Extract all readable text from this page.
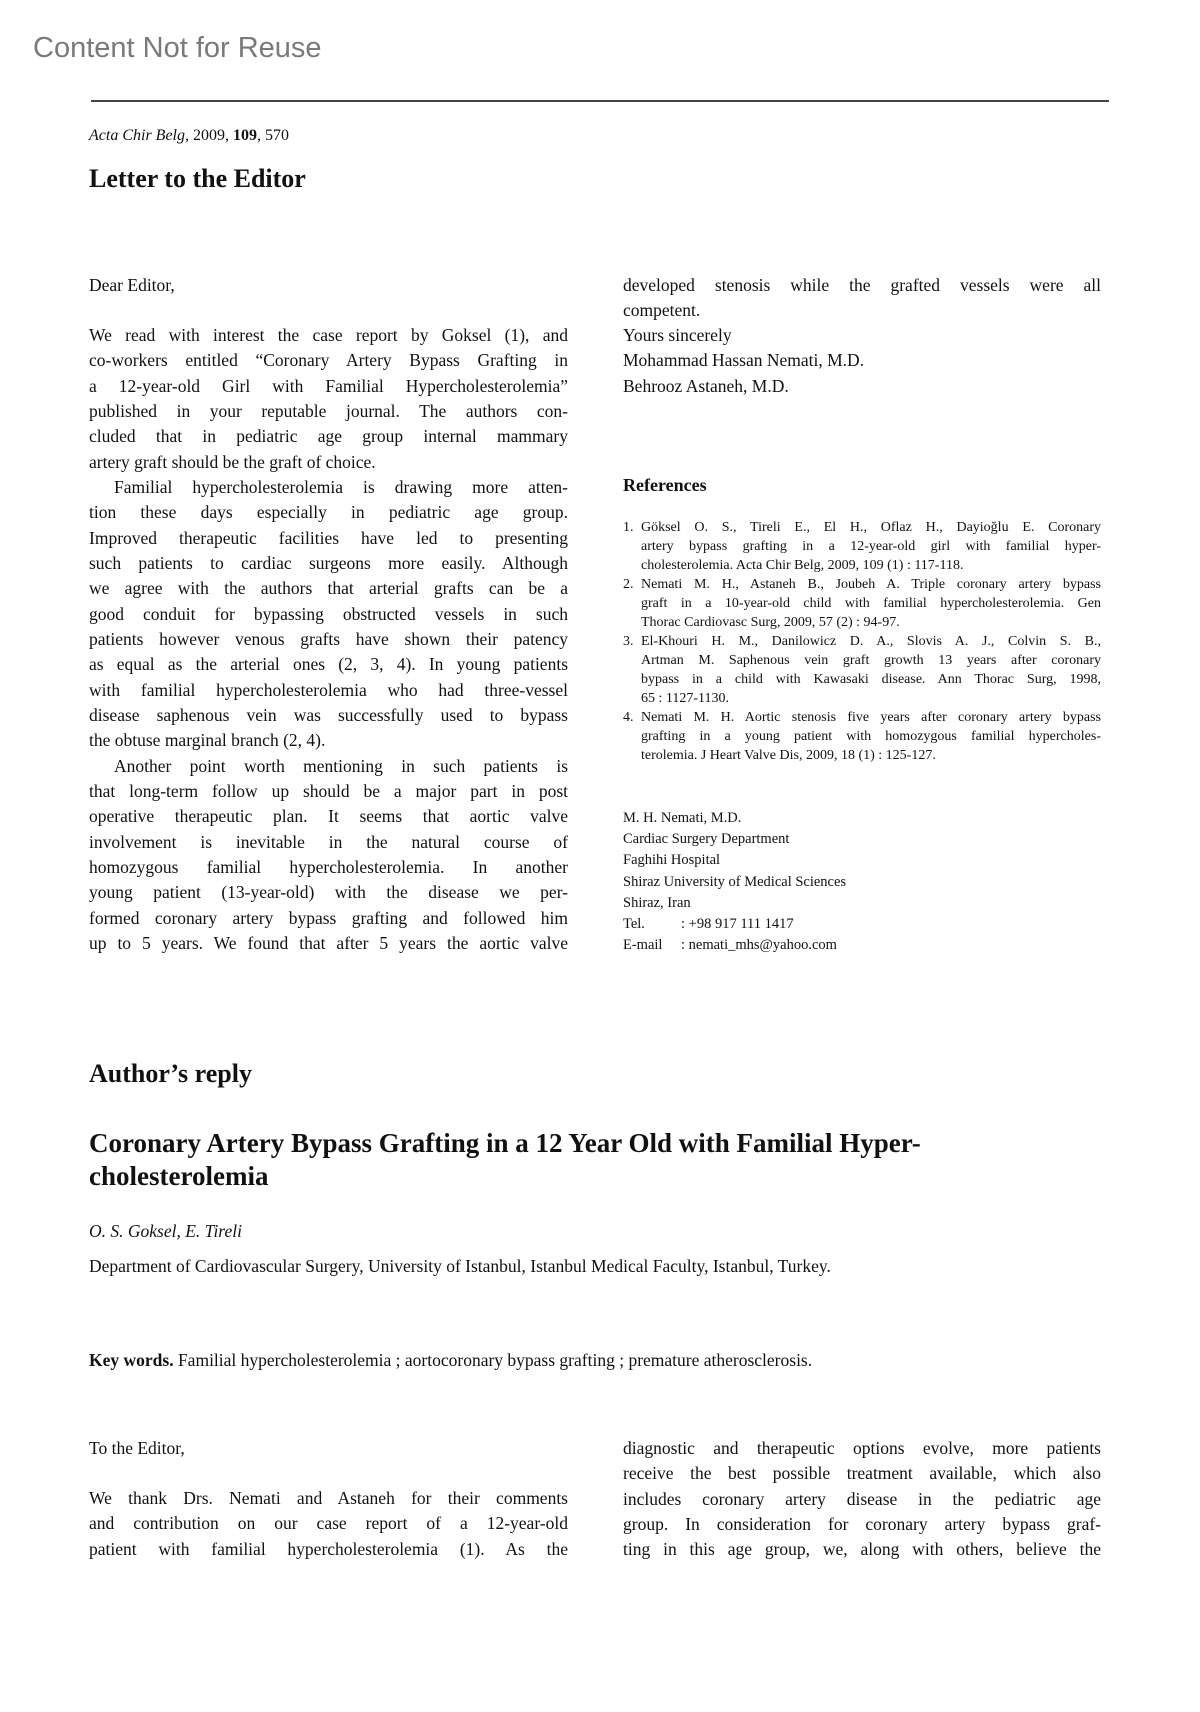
Content Not for Reuse
Acta Chir Belg, 2009, 109, 570
Letter to the Editor
Dear Editor,
We read with interest the case report by Goksel (1), and
co-workers entitled “Coronary Artery Bypass Grafting in
a 12-year-old Girl with Familial Hypercholesterolemia”
published in your reputable journal. The authors con-
cluded that in pediatric age group internal mammary
artery graft should be the graft of choice.
Familial hypercholesterolemia is drawing more atten-
tion these days especially in pediatric age group.
Improved therapeutic facilities have led to presenting
such patients to cardiac surgeons more easily. Although
we agree with the authors that arterial grafts can be a
good conduit for bypassing obstructed vessels in such
patients however venous grafts have shown their patency
as equal as the arterial ones (2, 3, 4). In young patients
with familial hypercholesterolemia who had three-vessel
disease saphenous vein was successfully used to bypass
the obtuse marginal branch (2, 4).
Another point worth mentioning in such patients is
that long-term follow up should be a major part in post
operative therapeutic plan. It seems that aortic valve
involvement is inevitable in the natural course of
homozygous familial hypercholesterolemia. In another
young patient (13-year-old) with the disease we per-
formed coronary artery bypass grafting and followed him
up to 5 years. We found that after 5 years the aortic valve
developed stenosis while the grafted vessels were all
competent.
Yours sincerely
Mohammad Hassan Nemati, M.D.
Behrooz Astaneh, M.D.
References
1. Göksel O. S., Tireli E., El H., Oflaz H., Dayioğlu E. Coronary
artery bypass grafting in a 12-year-old girl with familial hyper-
cholesterolemia. Acta Chir Belg, 2009, 109 (1) : 117-118.
2. Nemati M. H., Astaneh B., Joubeh A. Triple coronary artery bypass
graft in a 10-year-old child with familial hypercholesterolemia. Gen
Thorac Cardiovasc Surg, 2009, 57 (2) : 94-97.
3. El-Khouri H. M., Danilowicz D. A., Slovis A. J., Colvin S. B.,
Artman M. Saphenous vein graft growth 13 years after coronary
bypass in a child with Kawasaki disease. Ann Thorac Surg, 1998,
65 : 1127-1130.
4. Nemati M. H. Aortic stenosis five years after coronary artery bypass
grafting in a young patient with homozygous familial hypercholes-
terolemia. J Heart Valve Dis, 2009, 18 (1) : 125-127.
M. H. Nemati, M.D.
Cardiac Surgery Department
Faghihi Hospital
Shiraz University of Medical Sciences
Shiraz, Iran
Tel. : +98 917 111 1417
E-mail : nemati_mhs@yahoo.com
Author’s reply
Coronary Artery Bypass Grafting in a 12 Year Old with Familial Hyper-
cholesterolemia
O. S. Goksel, E. Tireli
Department of Cardiovascular Surgery, University of Istanbul, Istanbul Medical Faculty, Istanbul, Turkey.
Key words. Familial hypercholesterolemia ; aortocoronary bypass grafting ; premature atherosclerosis.
To the Editor,
We thank Drs. Nemati and Astaneh for their comments
and contribution on our case report of a 12-year-old
patient with familial hypercholesterolemia (1). As the
diagnostic and therapeutic options evolve, more patients
receive the best possible treatment available, which also
includes coronary artery disease in the pediatric age
group. In consideration for coronary artery bypass graf-
ting in this age group, we, along with others, believe the
